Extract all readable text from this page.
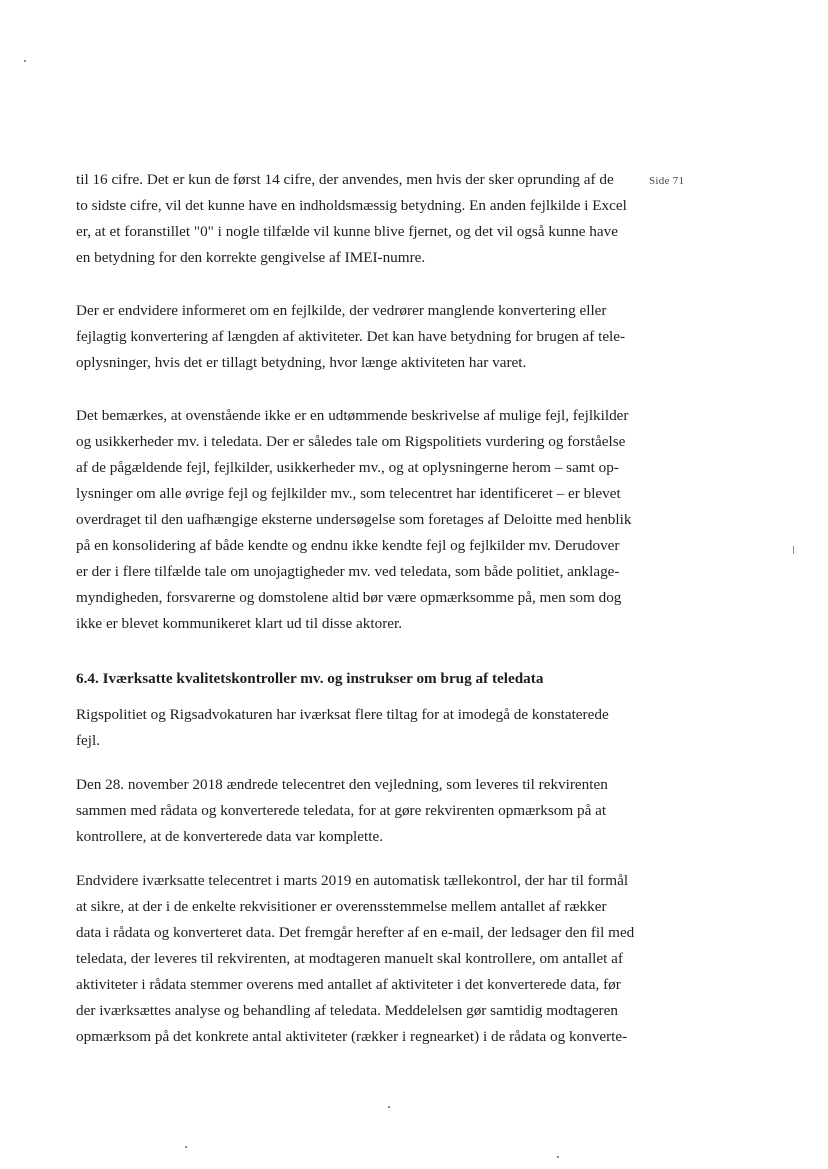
Side 71
til 16 cifre. Det er kun de først 14 cifre, der anvendes, men hvis der sker oprunding af de
to sidste cifre, vil det kunne have en indholdsmæssig betydning. En anden fejlkilde i Excel
er, at et foranstillet "0" i nogle tilfælde vil kunne blive fjernet, og det vil også kunne have
en betydning for den korrekte gengivelse af IMEI-numre.
Der er endvidere informeret om en fejlkilde, der vedrører manglende konvertering eller
fejlagtig konvertering af længden af aktiviteter. Det kan have betydning for brugen af tele-
oplysninger, hvis det er tillagt betydning, hvor længe aktiviteten har varet.
Det bemærkes, at ovenstående ikke er en udtømmende beskrivelse af mulige fejl, fejlkilder
og usikkerheder mv. i teledata. Der er således tale om Rigspolitiets vurdering og forståelse
af de pågældende fejl, fejlkilder, usikkerheder mv., og at oplysningerne herom – samt op-
lysninger om alle øvrige fejl og fejlkilder mv., som telecentret har identificeret – er blevet
overdraget til den uafhængige eksterne undersøgelse som foretages af Deloitte med henblik
på en konsolidering af både kendte og endnu ikke kendte fejl og fejlkilder mv. Derudover
er der i flere tilfælde tale om unojagtigheder mv. ved teledata, som både politiet, anklage-
myndigheden, forsvarerne og domstolene altid bør være opmærksomme på, men som dog
ikke er blevet kommunikeret klart ud til disse aktorer.
6.4. Iværksatte kvalitetskontroller mv. og instrukser om brug af teledata
Rigspolitiet og Rigsadvokaturen har iværksat flere tiltag for at imodegå de konstaterede
fejl.
Den 28. november 2018 ændrede telecentret den vejledning, som leveres til rekvirenten
sammen med rådata og konverterede teledata, for at gøre rekvirenten opmærksom på at
kontrollere, at de konverterede data var komplette.
Endvidere iværksatte telecentret i marts 2019 en automatisk tællekontrol, der har til formål
at sikre, at der i de enkelte rekvisitioner er overensstemmelse mellem antallet af rækker
data i rådata og konverteret data. Det fremgår herefter af en e-mail, der ledsager den fil med
teledata, der leveres til rekvirenten, at modtageren manuelt skal kontrollere, om antallet af
aktiviteter i rådata stemmer overens med antallet af aktiviteter i det konverterede data, før
der iværksættes analyse og behandling af teledata. Meddelelsen gør samtidig modtageren
opmærksom på det konkrete antal aktiviteter (rækker i regnearket) i de rådata og konverte-
